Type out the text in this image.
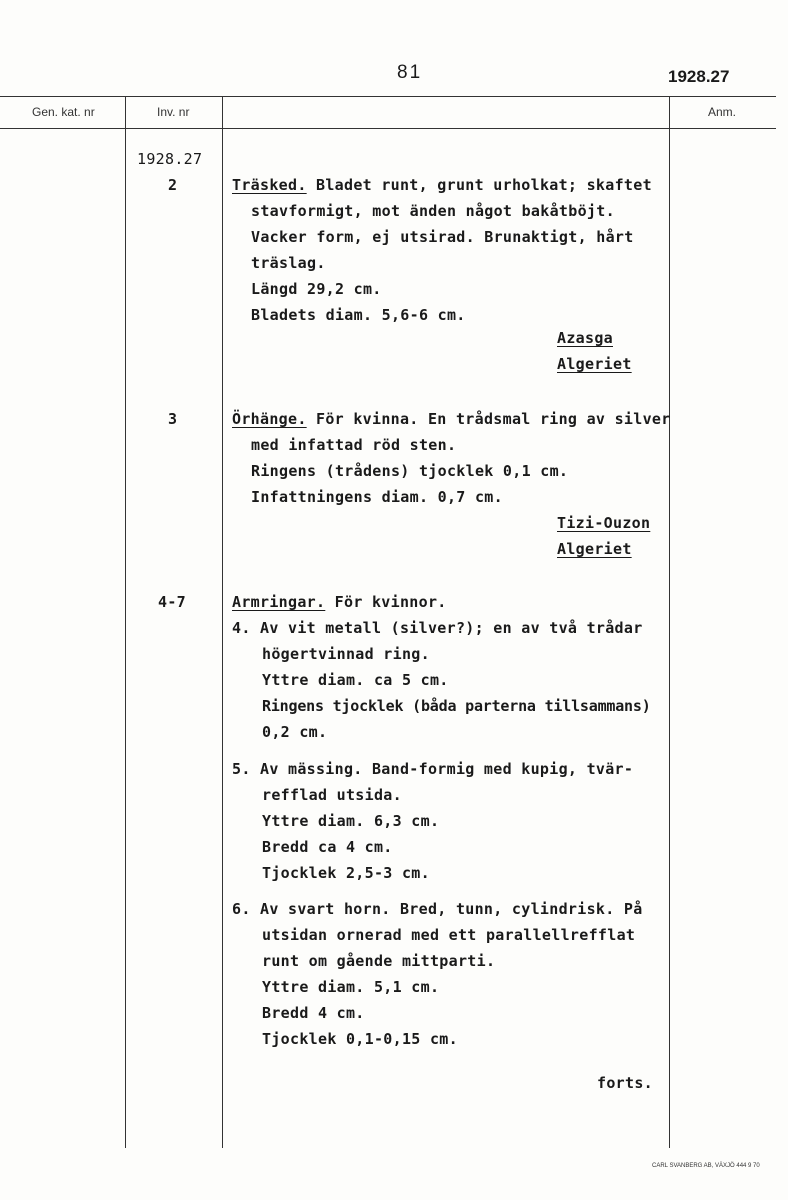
81	1928.27
Gen. kat. nr	Inv. nr	Anm.
1928.27
2	Träsked. Bladet runt, grunt urholkat; skaftet
stavformigt, mot änden något bakåtböjt.
Vacker form, ej utsirad. Brunaktigt, hårt
träslag.
Längd 29,2 cm.
Bladets diam. 5,6-6 cm.
Azasga
Algeriet
3	Örhänge. För kvinna. En trådsmal ring av silver
med infattad röd sten.
Ringens (trådens) tjocklek 0,1 cm.
Infattningens diam. 0,7 cm.
Tizi-Ouzon
Algeriet
4-7	Armringar. För kvinnor.
4. Av vit metall (silver?); en av två trådar
högertvinnad ring.
Yttre diam. ca 5 cm.
Ringens tjocklek (båda parterna tillsammans)
0,2 cm.
5. Av mässing. Band-formig med kupig, tvär-
refflad utsida.
Yttre diam. 6,3 cm.
Bredd ca 4 cm.
Tjocklek 2,5-3 cm.
6. Av svart horn. Bred, tunn, cylindrisk. På
utsidan ornerad med ett parallellrefflat
runt om gående mittparti.
Yttre diam. 5,1 cm.
Bredd 4 cm.
Tjocklek 0,1-0,15 cm.
forts.
CARL SVANBERG AB, VÄXJÖ 444 9 70
